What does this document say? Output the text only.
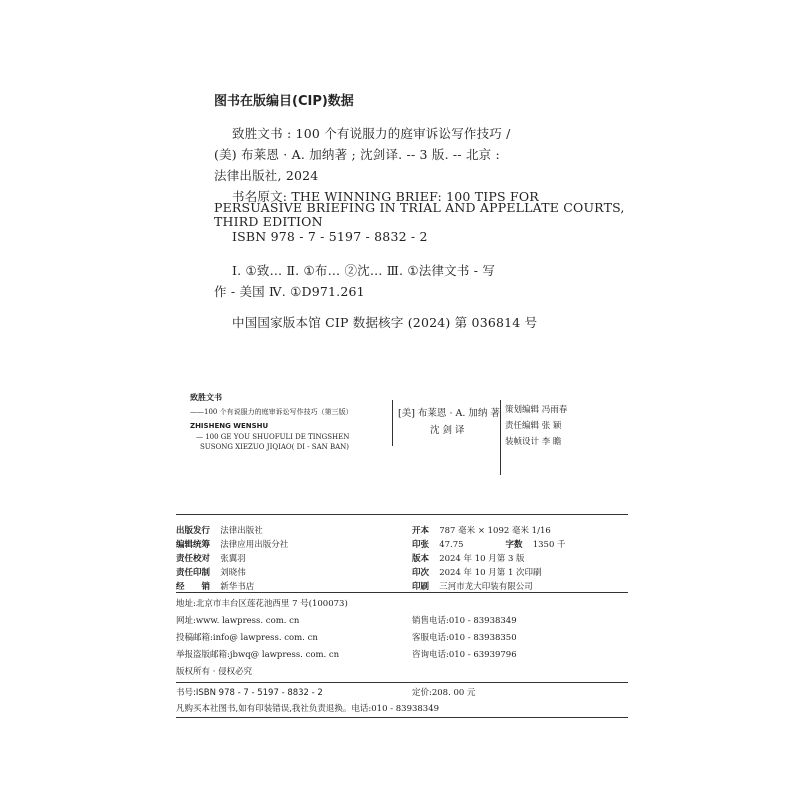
图书在版编目(CIP)数据
致胜文书 : 100 个有说服力的庭审诉讼写作技巧 /
(美) 布莱恩 · A. 加纳著 ; 沈剑译. -- 3 版. -- 北京 :
法律出版社, 2024
书名原文: THE WINNING BRIEF: 100 TIPS FOR
PERSUASIVE BRIEFING IN TRIAL AND APPELLATE COURTS,
THIRD EDITION
ISBN 978 - 7 - 5197 - 8832 - 2
Ⅰ. ①致… Ⅱ. ①布… ②沈… Ⅲ. ①法律文书 - 写
作 - 美国 Ⅳ. ①D971.261
中国国家版本馆 CIP 数据核字 (2024) 第 036814 号
致胜文书
——100 个有说服力的庭审诉讼写作技巧（第三版）
ZHISHENG WENSHU
— 100 GE YOU SHUOFULI DE TINGSHEN
SUSONG XIEZUO JIQIAO( DI - SAN BAN)
[美] 布莱恩 · A. 加纳 著
沈 剑 译
策划编辑 冯雨春
责任编辑 张 颖
装帧设计 李 瞻
出版发行 法律出版社
编辑统筹 法律应用出版分社
责任校对 张翼羽
责任印制 刘晓伟
经　　销 新华书店
开本 787 毫米 × 1092 毫米 1/16
印张 47.75	字数 1350 千
版本 2024 年 10 月第 3 版
印次 2024 年 10 月第 1 次印刷
印刷 三河市龙大印装有限公司
地址:北京市丰台区莲花池西里 7 号(100073)
网址:www. lawpress. com. cn
投稿邮箱:info@ lawpress. com. cn
举报盗版邮箱:jbwq@ lawpress. com. cn
版权所有 · 侵权必究
销售电话:010 - 83938349
客服电话:010 - 83938350
咨询电话:010 - 63939796
书号:ISBN 978 - 7 - 5197 - 8832 - 2	定价:208. 00 元
凡购买本社图书,如有印装错误,我社负责退换。电话:010 - 83938349
